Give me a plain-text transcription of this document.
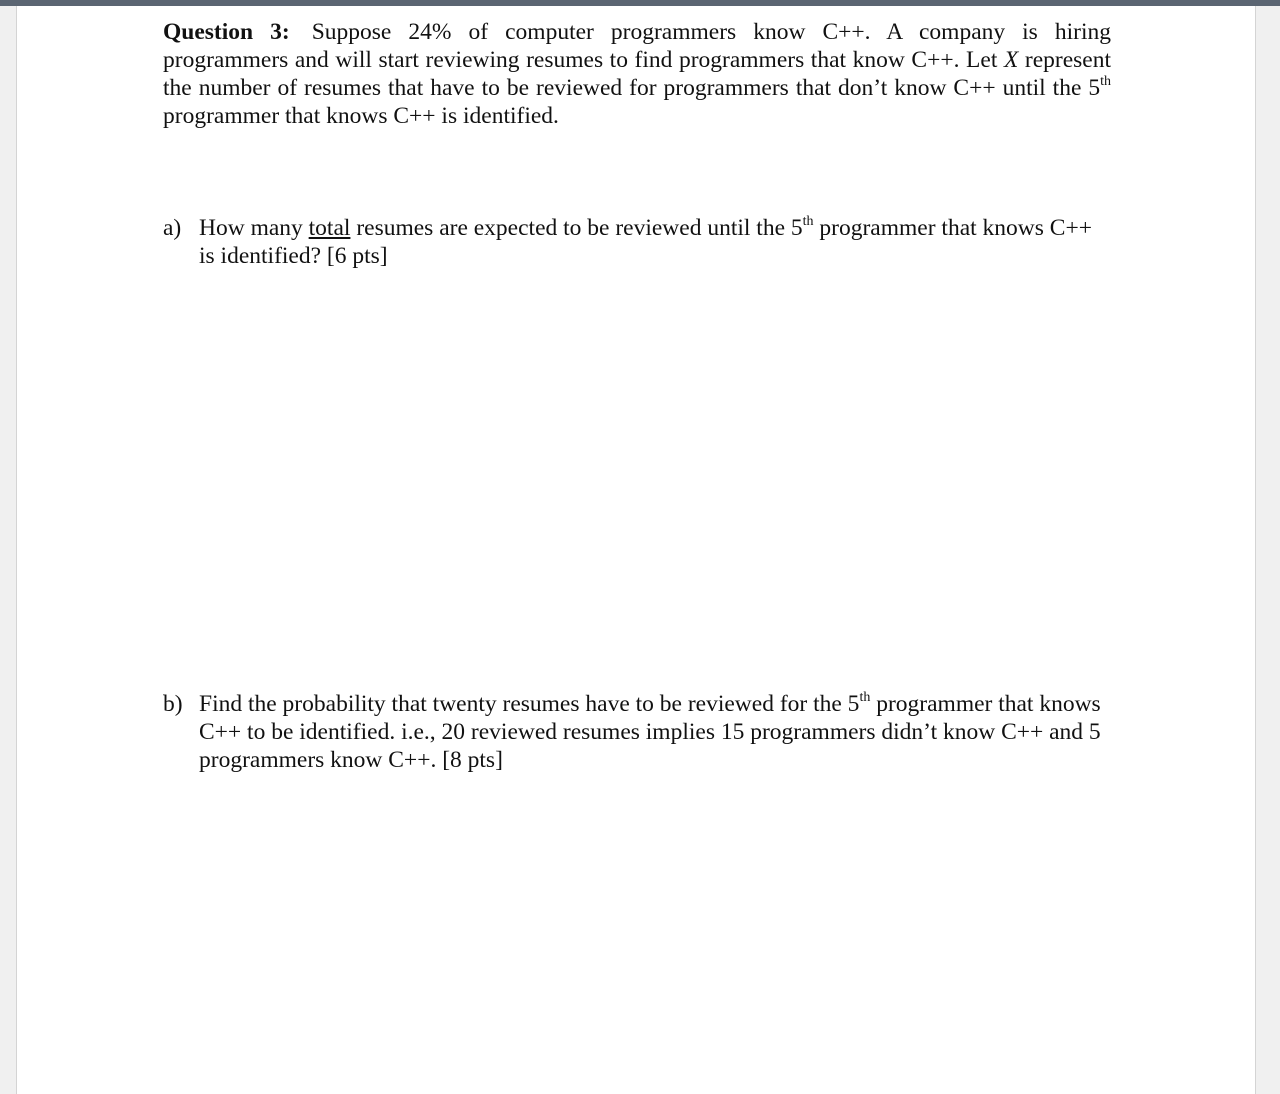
Question 3: Suppose 24% of computer programmers know C++. A company is hiring programmers and will start reviewing resumes to find programmers that know C++. Let X represent the number of resumes that have to be reviewed for programmers that don’t know C++ until the 5th programmer that knows C++ is identified.
a) How many total resumes are expected to be reviewed until the 5th programmer that knows C++ is identified? [6 pts]
b) Find the probability that twenty resumes have to be reviewed for the 5th programmer that knows C++ to be identified. i.e., 20 reviewed resumes implies 15 programmers didn’t know C++ and 5 programmers know C++. [8 pts]
